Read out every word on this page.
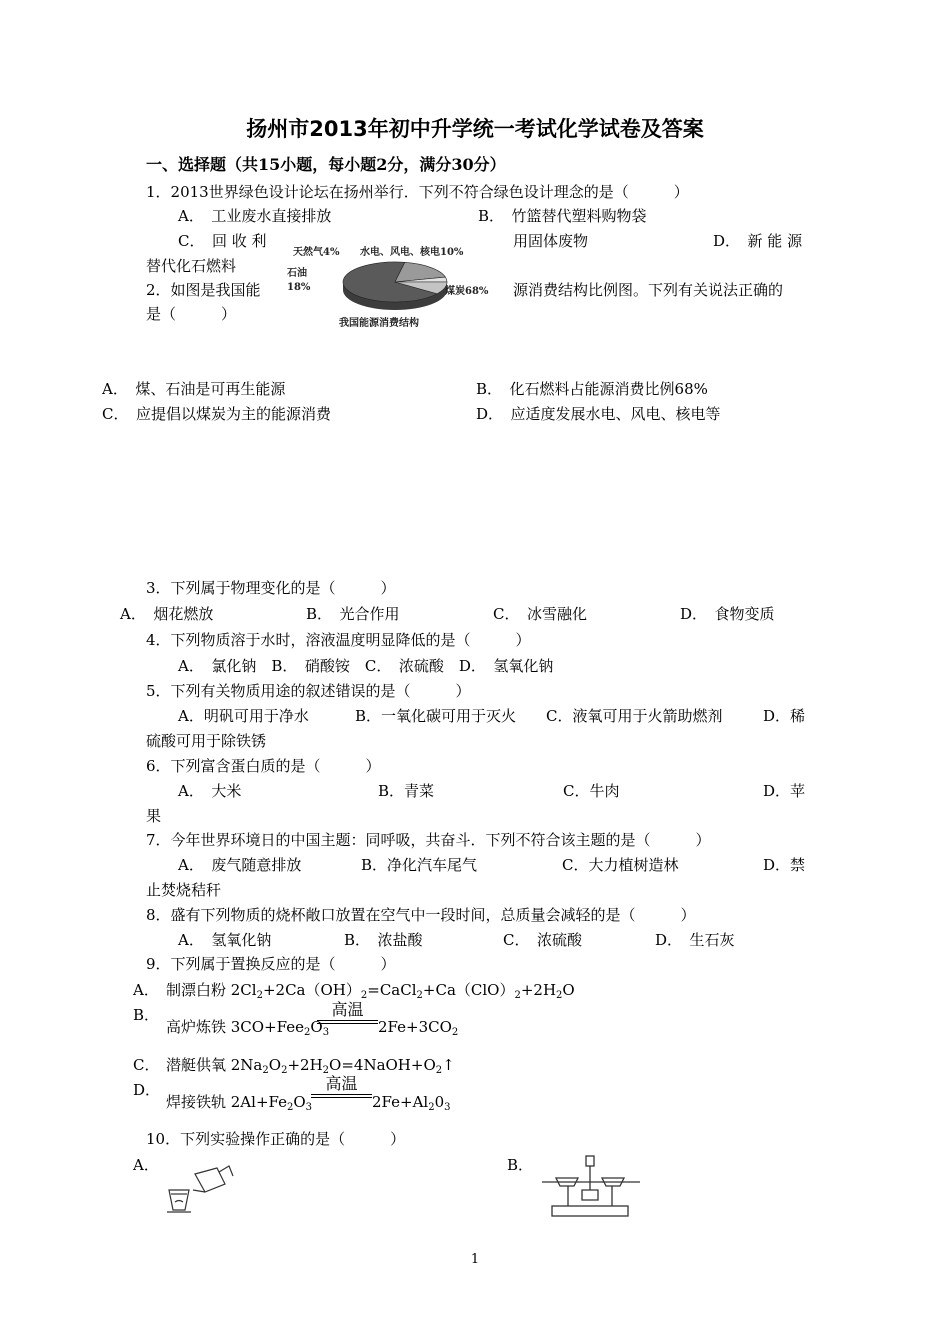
扬州市2013年初中升学统一考试化学试卷及答案
一、选择题（共15小题，每小题2分，满分30分）
1．2013世界绿色设计论坛在扬州举行．下列不符合绿色设计理念的是（　　　）
A．　工业废水直接排放	B．　竹篮替代塑料购物袋
C．　回 收 利	用固体废物	D．　新 能 源
替代化石燃料
2．如图是我国能	源消费结构比例图。下列有关说法正确的
是（　　　）
天然气4% 水电、风电、核电10%
石油
18%	煤炭68%
我国能源消费结构
A．　煤、石油是可再生能源	B．　化石燃料占能源消费比例68%
C．　应提倡以煤炭为主的能源消费	D．　应适度发展水电、风电、核电等
3．下列属于物理变化的是（　　　）
A．　烟花燃放	B．　光合作用	C．　冰雪融化	D．　食物变质
4．下列物质溶于水时，溶液温度明显降低的是（　　　）
A．　氯化钠　B．　硝酸铵　C．　浓硫酸　D．　氢氧化钠
5．下列有关物质用途的叙述错误的是（　　　）
A．明矾可用于净水	B．一氧化碳可用于灭火 C．液氧可用于火箭助燃剂	D．稀
硫酸可用于除铁锈
6．下列富含蛋白质的是（　　　）
A．　大米	B．青菜	C．牛肉	D．苹
果
7．今年世界环境日的中国主题：同呼吸，共奋斗．下列不符合该主题的是（　　　）
A．　废气随意排放	B．净化汽车尾气	C．大力植树造林	D．禁
止焚烧秸秆
8．盛有下列物质的烧杯敞口放置在空气中一段时间，总质量会减轻的是（　　　）
A．　氢氧化钠	B．　浓盐酸	C．　浓硫酸	D．　生石灰
9．下列属于置换反应的是（　　　）
A． 制漂白粉 $2Cl_2+2Ca(OH)_2=CaCl_2+Ca(ClO)_2+2H_2O$
B．
高炉炼铁 $3CO+Fee_2O_3$
高温
$2Fe+3CO_2$
C． 潜艇供氧 $2Na_2O_2+2H_2O=4NaOH+O_2↑$
D．
焊接铁轨 $2Al+Fe_2O_3$
高温
$2Fe+Al_20_3$
10．下列实验操作正确的是（　　　）
A．	B．
1
